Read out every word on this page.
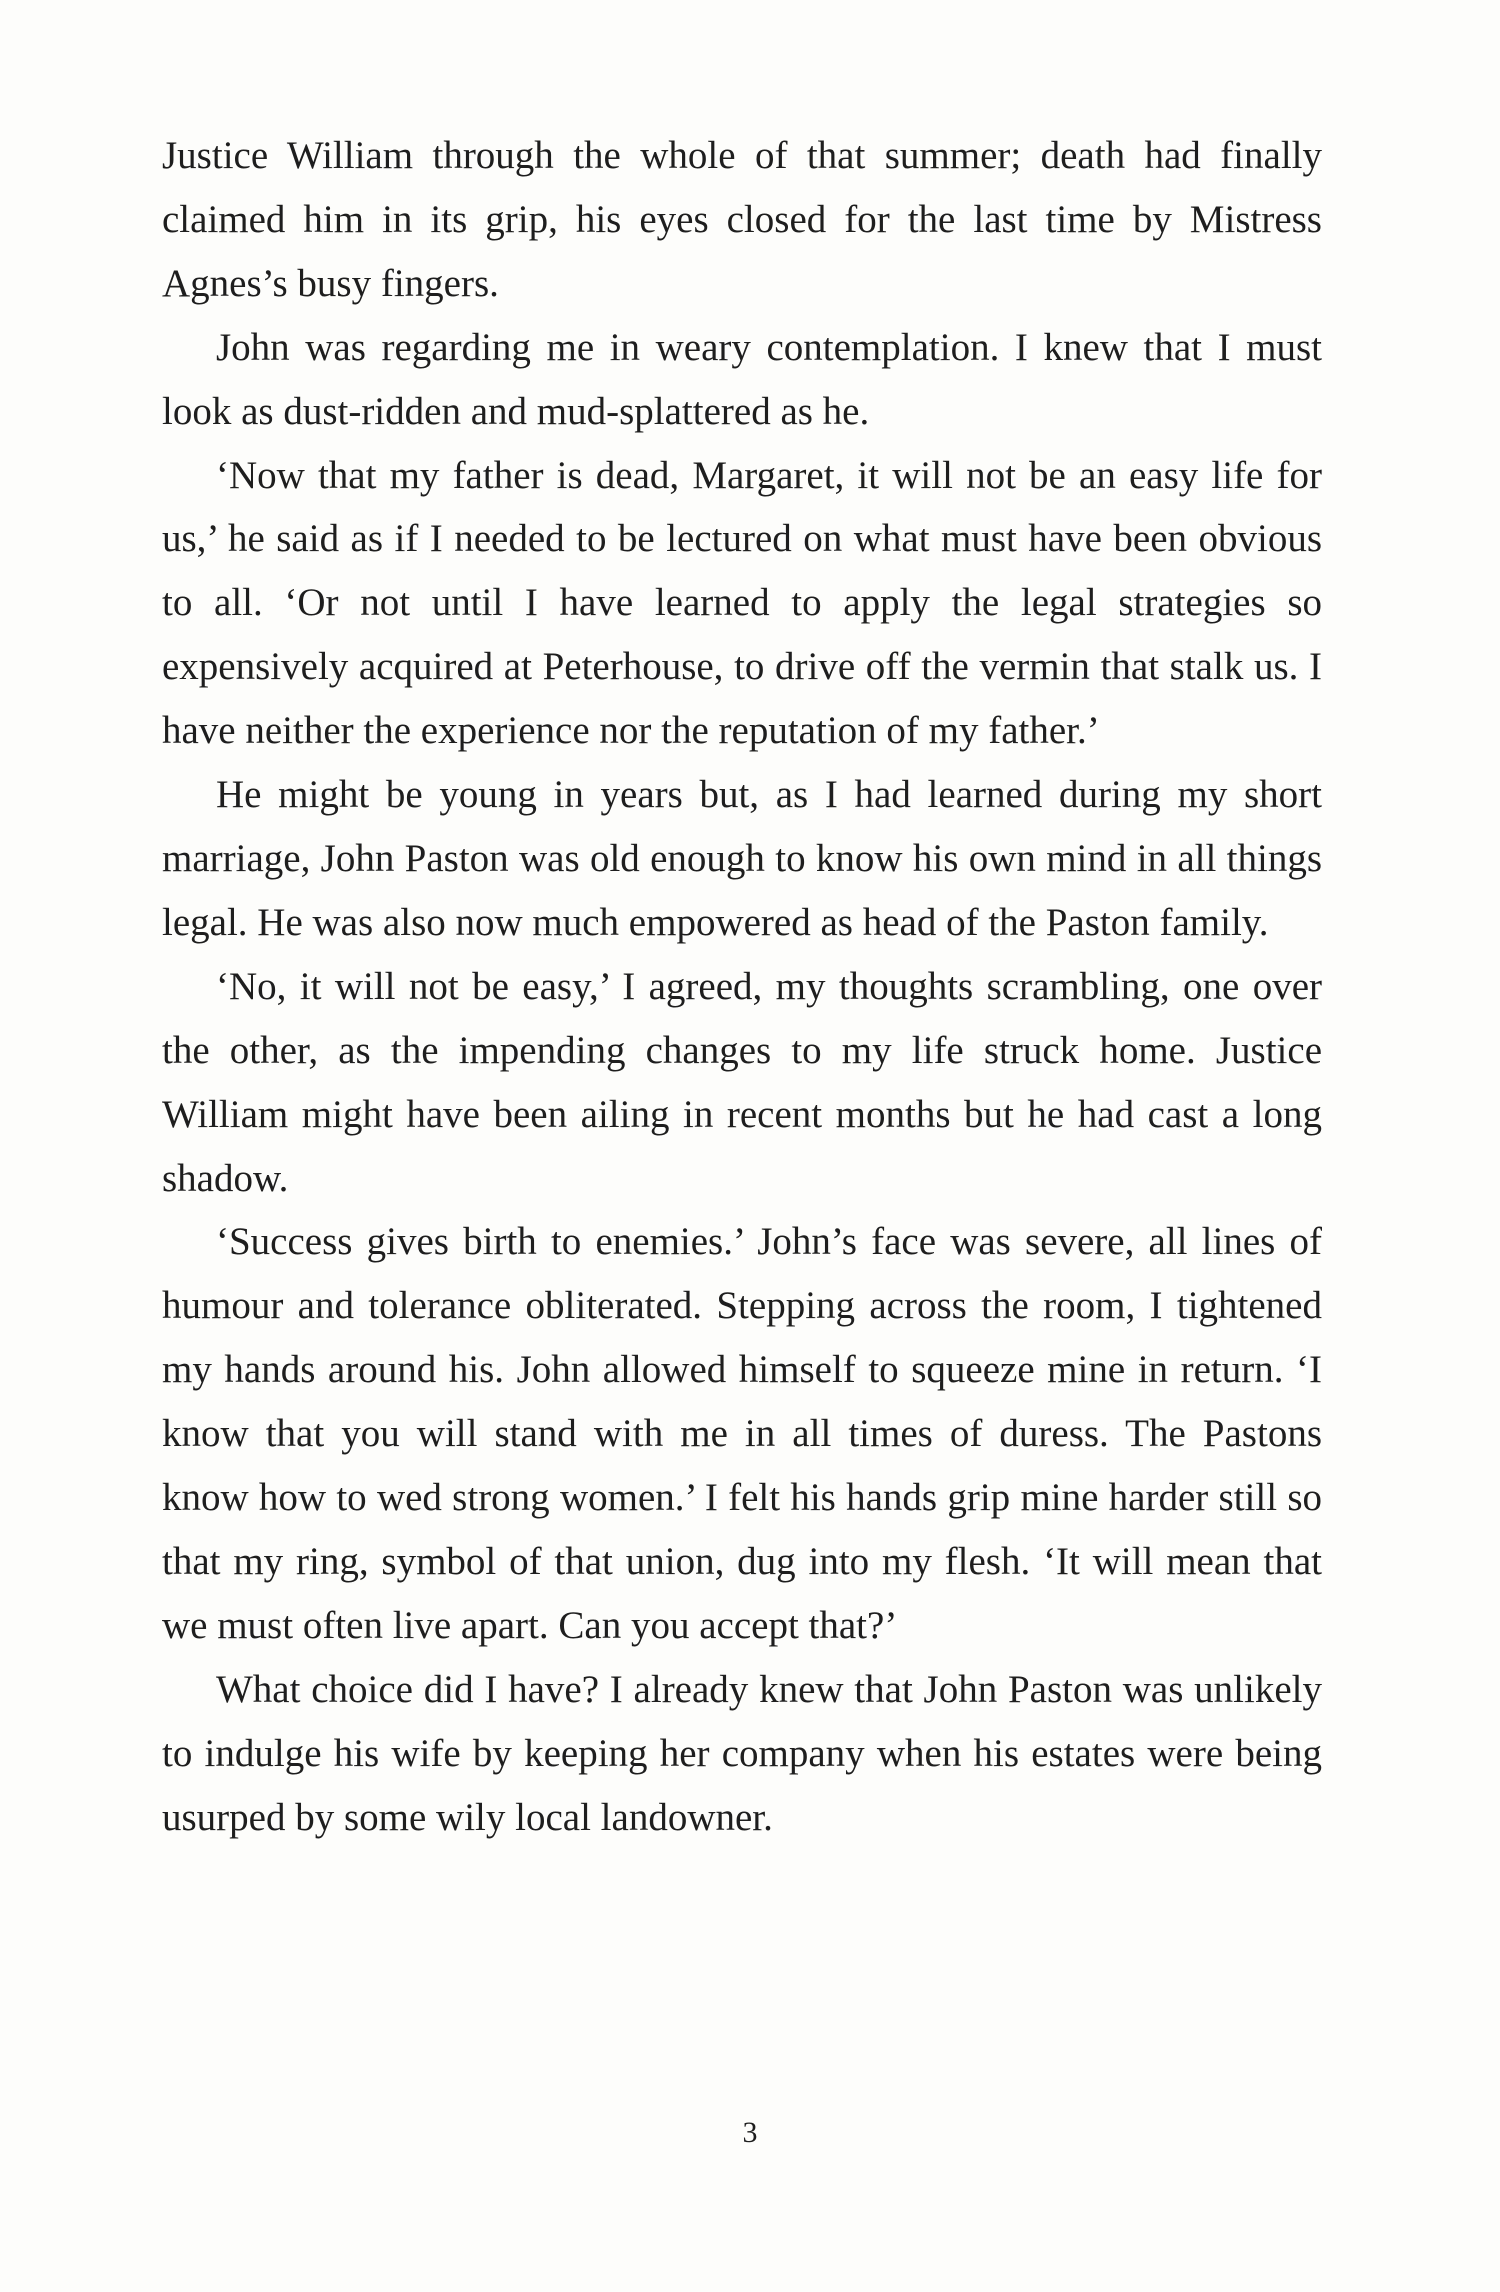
Justice William through the whole of that summer; death had finally claimed him in its grip, his eyes closed for the last time by Mistress Agnes’s busy fingers.

John was regarding me in weary contemplation. I knew that I must look as dust-ridden and mud-splattered as he.

‘Now that my father is dead, Margaret, it will not be an easy life for us,’ he said as if I needed to be lectured on what must have been obvious to all. ‘Or not until I have learned to apply the legal strategies so expensively acquired at Peterhouse, to drive off the vermin that stalk us. I have neither the experience nor the reputation of my father.’

He might be young in years but, as I had learned during my short marriage, John Paston was old enough to know his own mind in all things legal. He was also now much empowered as head of the Paston family.

‘No, it will not be easy,’ I agreed, my thoughts scrambling, one over the other, as the impending changes to my life struck home. Justice William might have been ailing in recent months but he had cast a long shadow.

‘Success gives birth to enemies.’ John’s face was severe, all lines of humour and tolerance obliterated. Stepping across the room, I tightened my hands around his. John allowed himself to squeeze mine in return. ‘I know that you will stand with me in all times of duress. The Pastons know how to wed strong women.’ I felt his hands grip mine harder still so that my ring, symbol of that union, dug into my flesh. ‘It will mean that we must often live apart. Can you accept that?’

What choice did I have? I already knew that John Paston was unlikely to indulge his wife by keeping her company when his estates were being usurped by some wily local landowner.

3
